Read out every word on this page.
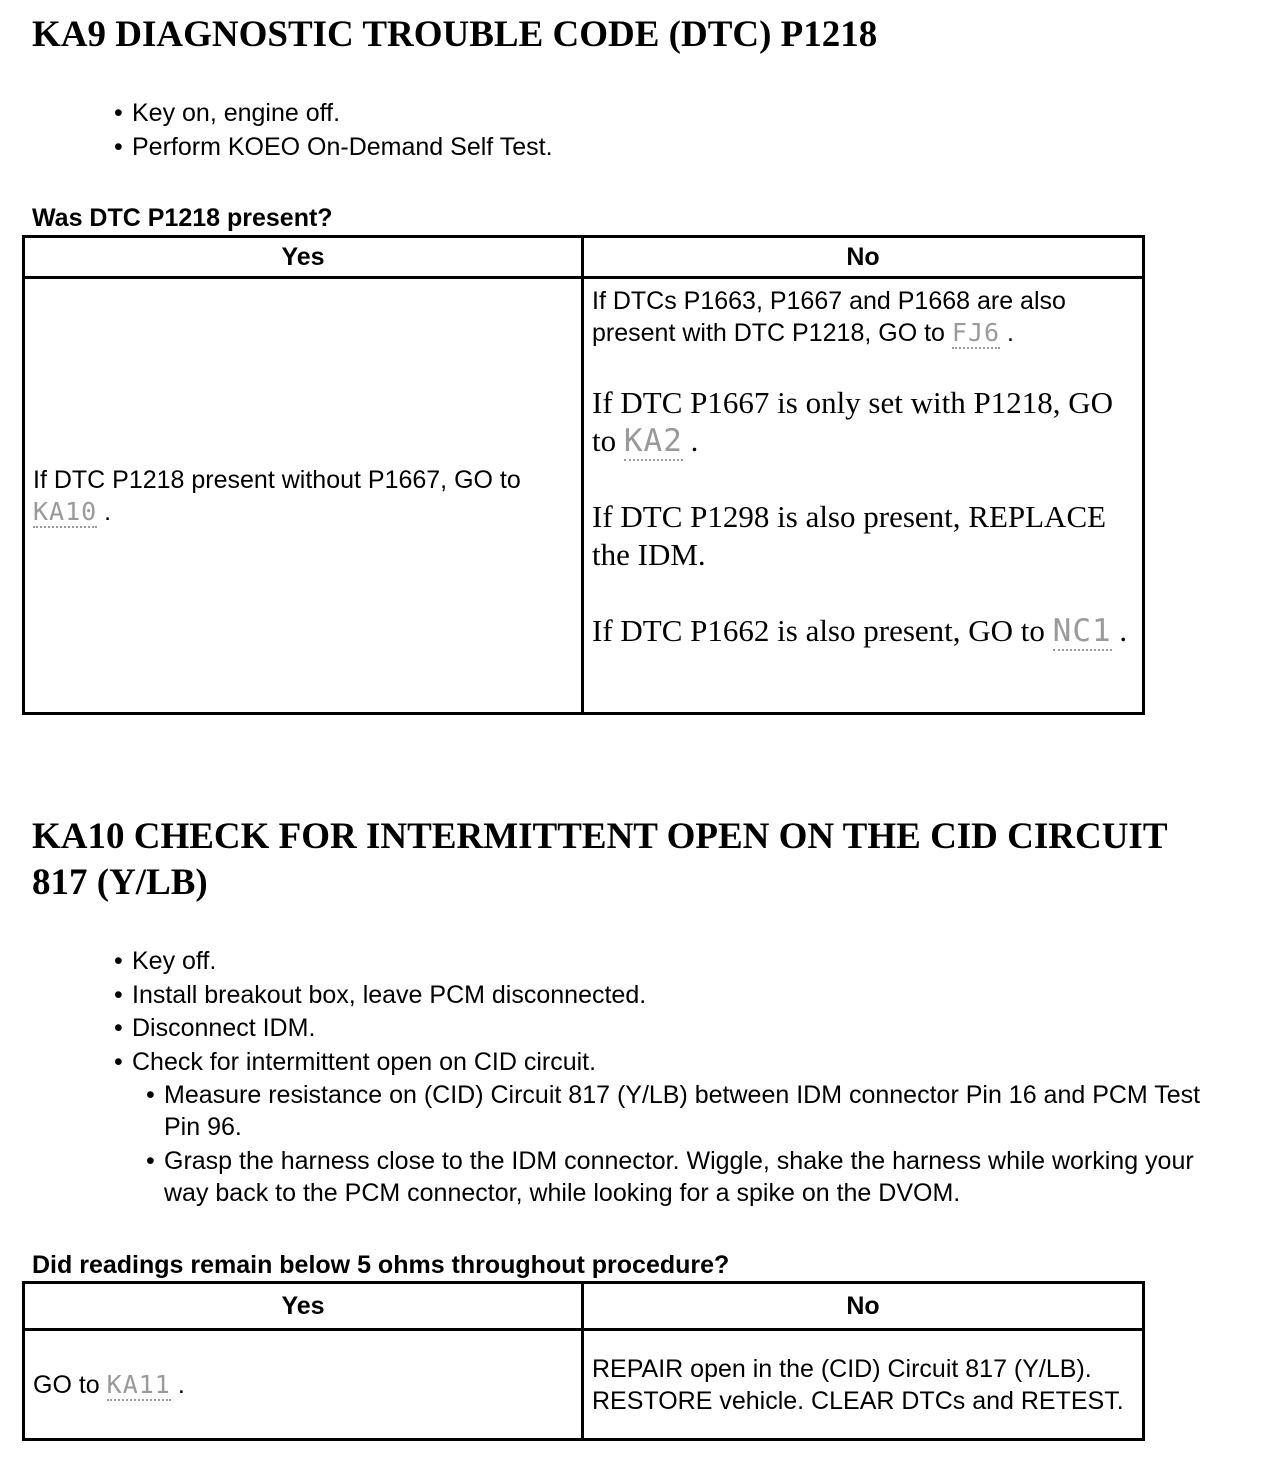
KA9 DIAGNOSTIC TROUBLE CODE (DTC) P1218
• Key on, engine off.
• Perform KOEO On-Demand Self Test.

Was DTC P1218 present?

Yes	No
If DTC P1218 present without P1667, GO to KA10 .	If DTCs P1663, P1667 and P1668 are also present with DTC P1218, GO to FJ6 .
If DTC P1667 is only set with P1218, GO to KA2 .
If DTC P1298 is also present, REPLACE the IDM.
If DTC P1662 is also present, GO to NC1 .
KA10 CHECK FOR INTERMITTENT OPEN ON THE CID CIRCUIT
817 (Y/LB)
• Key off.
• Install breakout box, leave PCM disconnected.
• Disconnect IDM.
• Check for intermittent open on CID circuit.
• Measure resistance on (CID) Circuit 817 (Y/LB) between IDM connector Pin 16 and PCM Test Pin 96.
• Grasp the harness close to the IDM connector. Wiggle, shake the harness while working your way back to the PCM connector, while looking for a spike on the DVOM.

Did readings remain below 5 ohms throughout procedure?

Yes	No
GO to KA11 .	REPAIR open in the (CID) Circuit 817 (Y/LB). RESTORE vehicle. CLEAR DTCs and RETEST.
